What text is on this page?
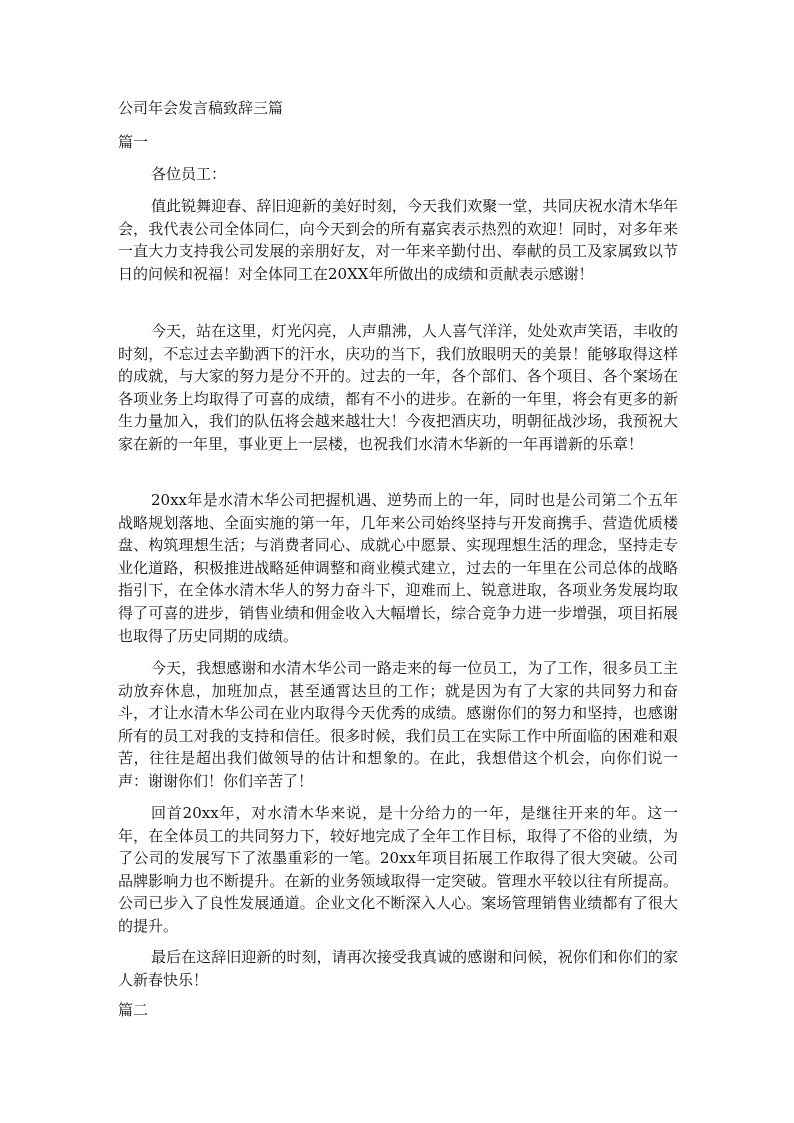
公司年会发言稿致辞三篇
篇一

各位员工：

值此锐舞迎春、辞旧迎新的美好时刻，今天我们欢聚一堂，共同庆祝水清木华年会，我代表公司全体同仁，向今天到会的所有嘉宾表示热烈的欢迎！同时，对多年来一直大力支持我公司发展的亲朋好友，对一年来辛勤付出、奉献的员工及家属致以节日的问候和祝福！对全体同工在20XX年所做出的成绩和贡献表示感谢！

今天，站在这里，灯光闪亮，人声鼎沸，人人喜气洋洋，处处欢声笑语，丰收的时刻，不忘过去辛勤洒下的汗水，庆功的当下，我们放眼明天的美景！能够取得这样的成就，与大家的努力是分不开的。过去的一年，各个部们、各个项目、各个案场在各项业务上均取得了可喜的成绩，都有不小的进步。在新的一年里，将会有更多的新生力量加入，我们的队伍将会越来越壮大！今夜把酒庆功，明朝征战沙场，我预祝大家在新的一年里，事业更上一层楼，也祝我们水清木华新的一年再谱新的乐章！

20xx年是水清木华公司把握机遇、逆势而上的一年，同时也是公司第二个五年战略规划落地、全面实施的第一年，几年来公司始终坚持与开发商携手、营造优质楼盘、构筑理想生活；与消费者同心、成就心中愿景、实现理想生活的理念，坚持走专业化道路，积极推进战略延伸调整和商业模式建立，过去的一年里在公司总体的战略指引下，在全体水清木华人的努力奋斗下，迎难而上、锐意进取，各项业务发展均取得了可喜的进步，销售业绩和佣金收入大幅增长，综合竞争力进一步增强，项目拓展也取得了历史同期的成绩。

今天，我想感谢和水清木华公司一路走来的每一位员工，为了工作，很多员工主动放弃休息，加班加点，甚至通霄达旦的工作；就是因为有了大家的共同努力和奋斗，才让水清木华公司在业内取得今天优秀的成绩。感谢你们的努力和坚持，也感谢所有的员工对我的支持和信任。很多时候，我们员工在实际工作中所面临的困难和艰苦，往往是超出我们做领导的估计和想象的。在此，我想借这个机会，向你们说一声：谢谢你们！你们辛苦了！

回首20xx年，对水清木华来说，是十分给力的一年，是继往开来的年。这一年，在全体员工的共同努力下，较好地完成了全年工作目标，取得了不俗的业绩，为了公司的发展写下了浓墨重彩的一笔。20xx年项目拓展工作取得了很大突破。公司品牌影响力也不断提升。在新的业务领域取得一定突破。管理水平较以往有所提高。公司已步入了良性发展通道。企业文化不断深入人心。案场管理销售业绩都有了很大的提升。

最后在这辞旧迎新的时刻，请再次接受我真诚的感谢和问候，祝你们和你们的家人新春快乐！

篇二
